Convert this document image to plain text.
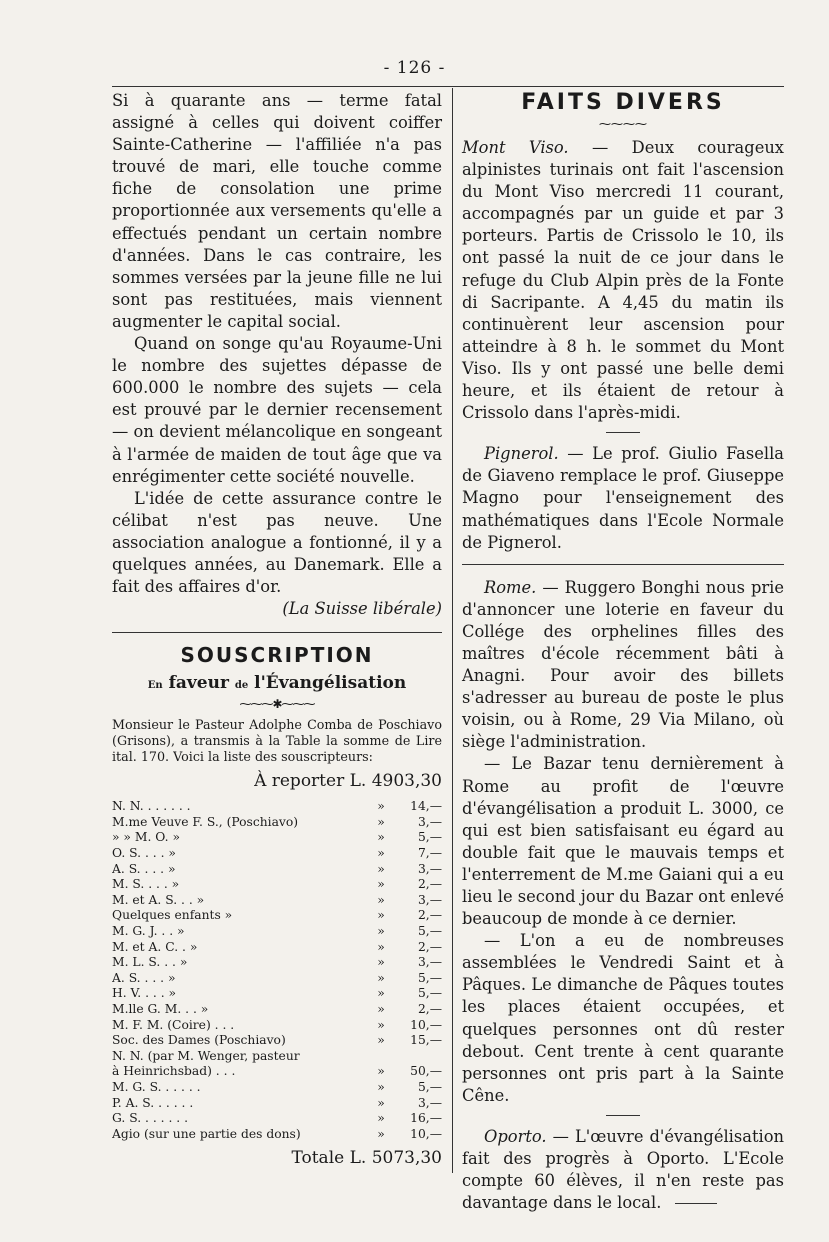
- 126 -

Si à quarante ans — terme fatal assigné à celles qui doivent coiffer Sainte-Catherine — l'affiliée n'a pas trouvé de mari, elle touche comme fiche de consolation une prime proportionnée aux versements qu'elle a effectués pendant un certain nombre d'années. Dans le cas contraire, les sommes versées par la jeune fille ne lui sont pas restituées, mais viennent augmenter le capital social.

Quand on songe qu'au Royaume-Uni le nombre des sujettes dépasse de 600.000 le nombre des sujets — cela est prouvé par le dernier recensement — on devient mélancolique en songeant à l'armée de maiden de tout âge que va enrégimenter cette société nouvelle.

L'idée de cette assurance contre le célibat n'est pas neuve. Une association analogue a fontionné, il y a quelques années, au Danemark. Elle a fait des affaires d'or.

(La Suisse libérale)

SOUSCRIPTION
En faveur de l'Évangélisation
⁓⁓⁓✱⁓⁓⁓

Monsieur le Pasteur Adolphe Comba de Poschiavo (Grisons), a transmis à la Table la somme de Lire ital. 170. Voici la liste des souscripteurs:

À reporter L. 4903,30
N. N. . . . . . .	»	14,—
M.me Veuve F. S., (Poschiavo)	»	3,—
» » M. O. »	»	5,—
O. S. . . . »	»	7,—
A. S. . . . »	»	3,—
M. S. . . . »	»	2,—
M. et A. S. . . »	»	3,—
Quelques enfants »	»	2,—
M. G. J. . . »	»	5,—
M. et A. C. . »	»	2,—
M. L. S. . . »	»	3,—
A. S. . . . »	»	5,—
H. V. . . . »	»	5,—
M.lle G. M. . . »	»	2,—
M. F. M. (Coire) . . .	»	10,—
Soc. des Dames (Poschiavo)	»	15,—
N. N. (par M. Wenger, pasteur
à Heinrichsbad) . . .	»	50,—
M. G. S. . . . . .	»	5,—
P. A. S. . . . . .	»	3,—
G. S. . . . . . .	»	16,—
Agio (sur une partie des dons)	»	10,—
Totale L. 5073,30
FAITS DIVERS
⁓⁓⁓⁓

Mont Viso. — Deux courageux alpinistes turinais ont fait l'ascension du Mont Viso mercredi 11 courant, accompagnés par un guide et par 3 porteurs. Partis de Crissolo le 10, ils ont passé la nuit de ce jour dans le refuge du Club Alpin près de la Fonte di Sacripante. A 4,45 du matin ils continuèrent leur ascension pour atteindre à 8 h. le sommet du Mont Viso. Ils y ont passé une belle demi heure, et ils étaient de retour à Crissolo dans l'après-midi.

Pignerol. — Le prof. Giulio Fasella de Giaveno remplace le prof. Giuseppe Magno pour l'enseignement des mathématiques dans l'Ecole Normale de Pignerol.

Rome. — Ruggero Bonghi nous prie d'annoncer une loterie en faveur du Collége des orphelines filles des maîtres d'école récemment bâti à Anagni. Pour avoir des billets s'adresser au bureau de poste le plus voisin, ou à Rome, 29 Via Milano, où siège l'administration.

— Le Bazar tenu dernièrement à Rome au profit de l'œuvre d'évangélisation a produit L. 3000, ce qui est bien satisfaisant eu égard au double fait que le mauvais temps et l'enterrement de M.me Gaiani qui a eu lieu le second jour du Bazar ont enlevé beaucoup de monde à ce dernier.

— L'on a eu de nombreuses assemblées le Vendredi Saint et à Pâques. Le dimanche de Pâques toutes les places étaient occupées, et quelques personnes ont dû rester debout. Cent trente à cent quarante personnes ont pris part à la Sainte Cêne.

Oporto. — L'œuvre d'évangélisation fait des progrès à Oporto. L'Ecole compte 60 élèves, il n'en reste pas davantage dans le local.
